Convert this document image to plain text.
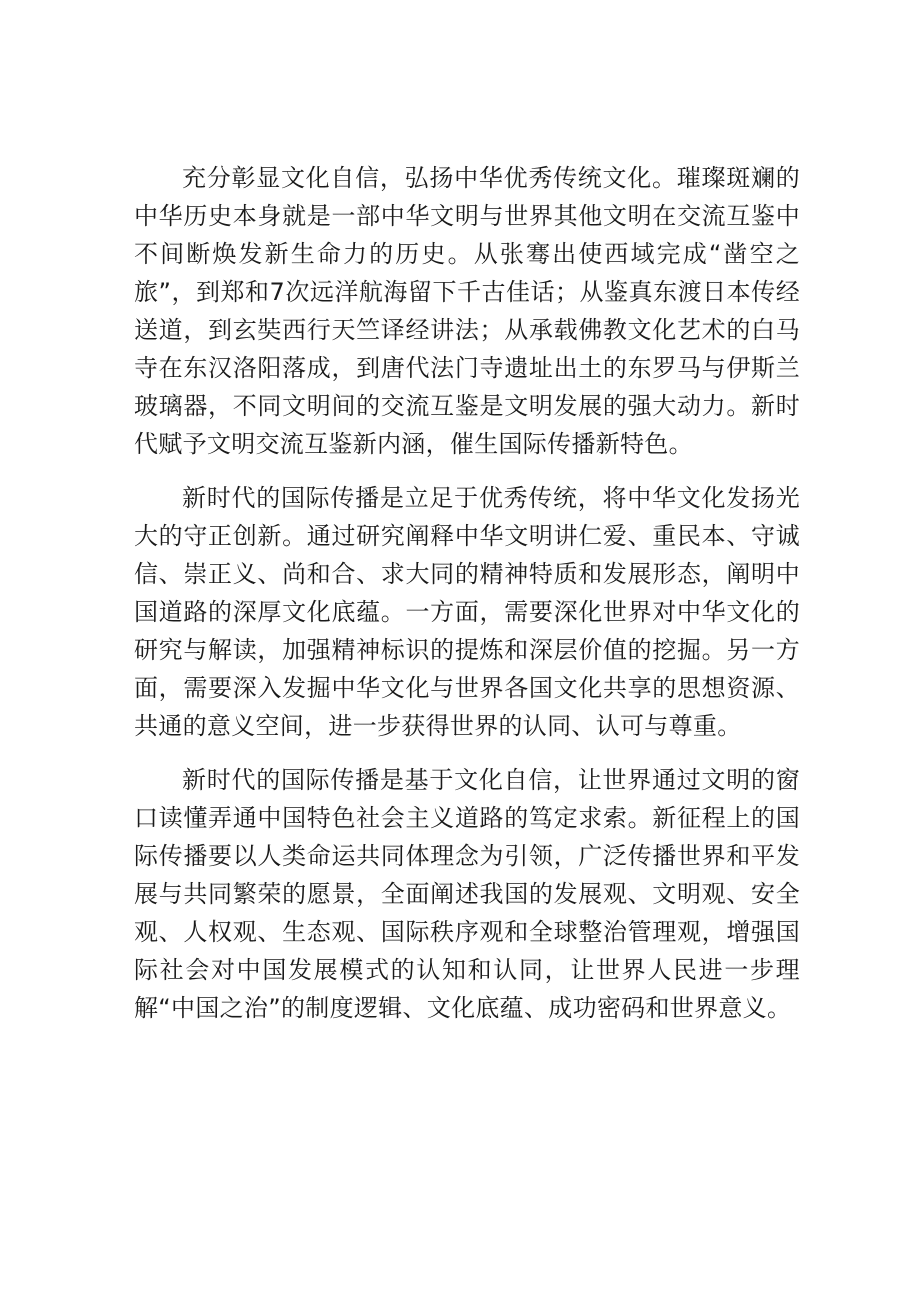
充分彰显文化自信，弘扬中华优秀传统文化。璀璨斑斓的中华历史本身就是一部中华文明与世界其他文明在交流互鉴中不间断焕发新生命力的历史。从张骞出使西域完成“凿空之旅”，到郑和7次远洋航海留下千古佳话；从鉴真东渡日本传经送道，到玄奘西行天竺译经讲法；从承载佛教文化艺术的白马寺在东汉洛阳落成，到唐代法门寺遗址出土的东罗马与伊斯兰玻璃器，不同文明间的交流互鉴是文明发展的强大动力。新时代赋予文明交流互鉴新内涵，催生国际传播新特色。

新时代的国际传播是立足于优秀传统，将中华文化发扬光大的守正创新。通过研究阐释中华文明讲仁爱、重民本、守诚信、崇正义、尚和合、求大同的精神特质和发展形态，阐明中国道路的深厚文化底蕴。一方面，需要深化世界对中华文化的研究与解读，加强精神标识的提炼和深层价值的挖掘。另一方面，需要深入发掘中华文化与世界各国文化共享的思想资源、共通的意义空间，进一步获得世界的认同、认可与尊重。

新时代的国际传播是基于文化自信，让世界通过文明的窗口读懂弄通中国特色社会主义道路的笃定求索。新征程上的国际传播要以人类命运共同体理念为引领，广泛传播世界和平发展与共同繁荣的愿景，全面阐述我国的发展观、文明观、安全观、人权观、生态观、国际秩序观和全球整治管理观，增强国际社会对中国发展模式的认知和认同，让世界人民进一步理解“中国之治”的制度逻辑、文化底蕴、成功密码和世界意义。
